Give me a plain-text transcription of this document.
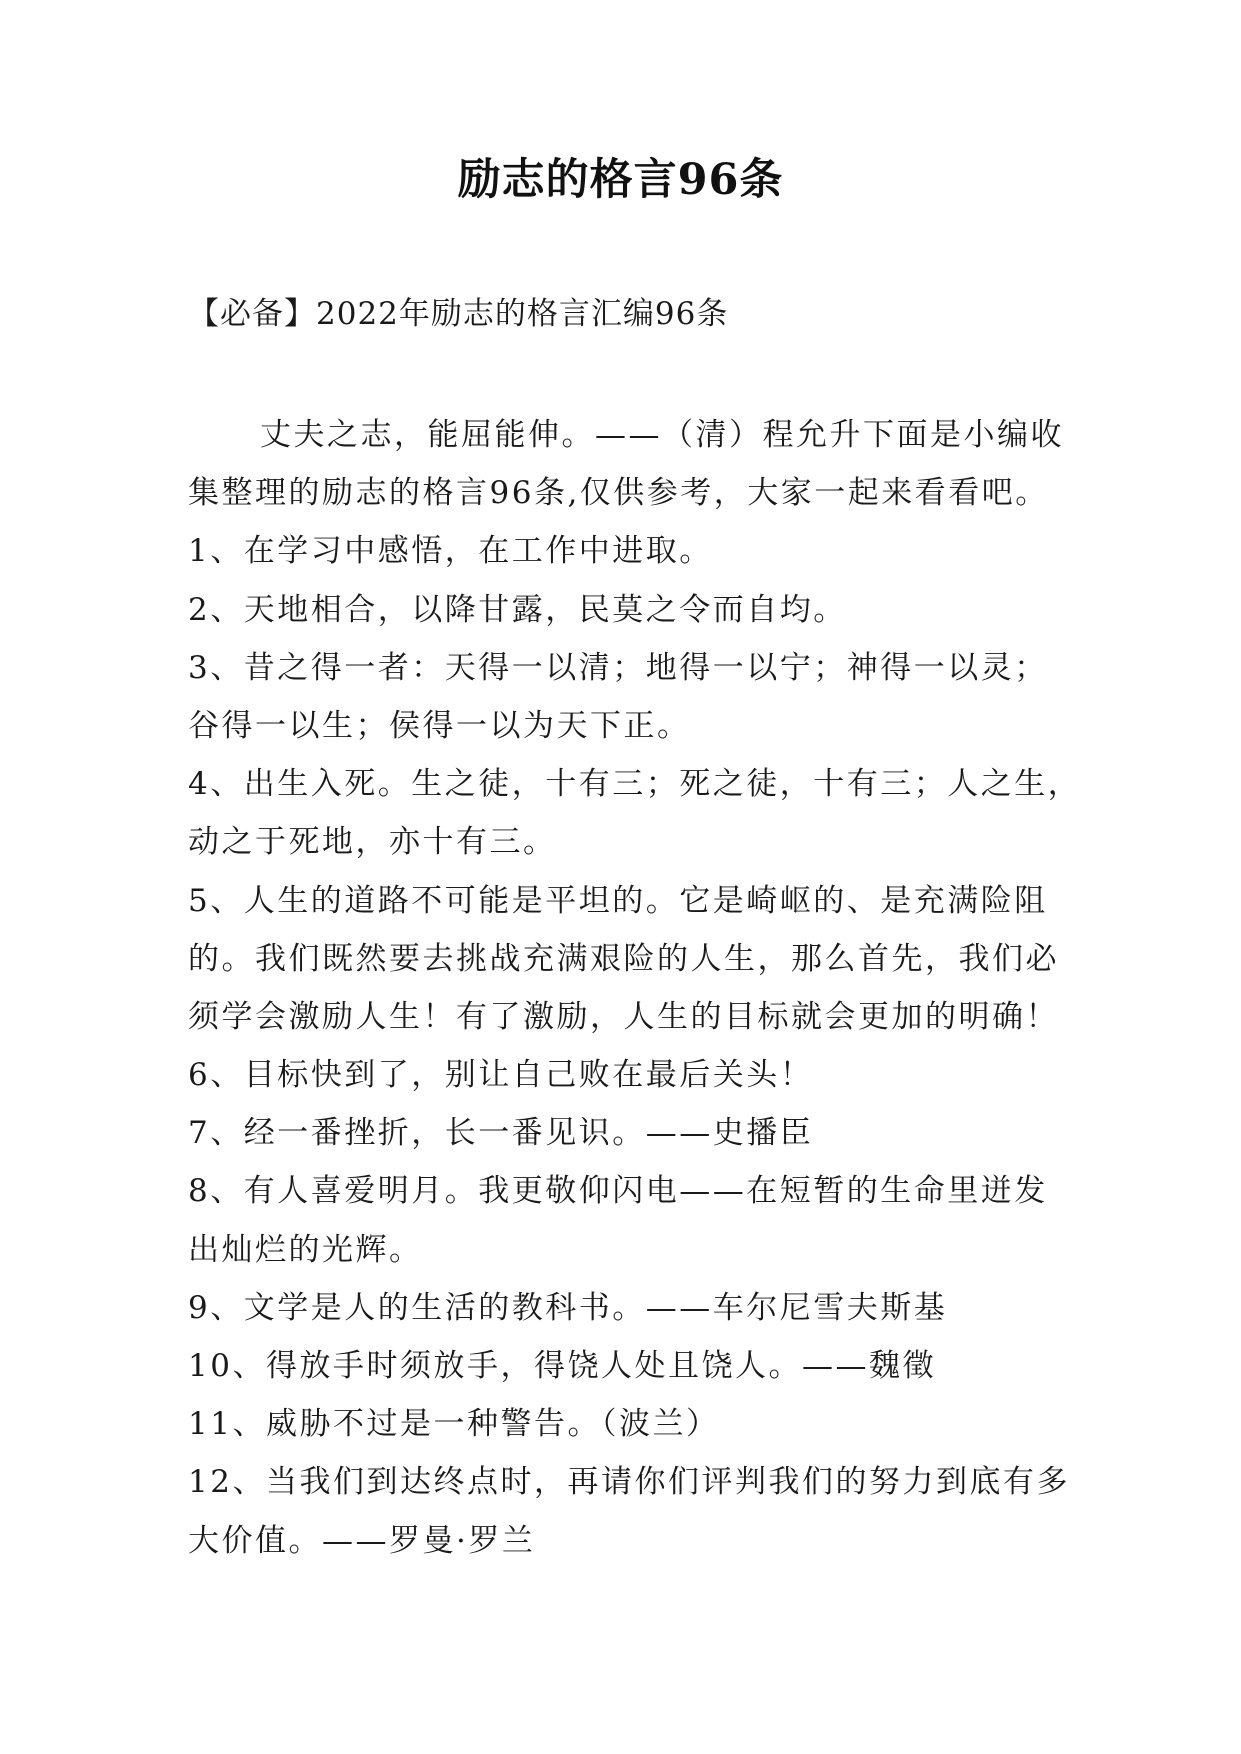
励志的格言96条
【必备】2022年励志的格言汇编96条
丈夫之志，能屈能伸。——（清）程允升下面是小编收
集整理的励志的格言96条,仅供参考，大家一起来看看吧。
1、在学习中感悟，在工作中进取。
2、天地相合，以降甘露，民莫之令而自均。
3、昔之得一者：天得一以清；地得一以宁；神得一以灵；
谷得一以生；侯得一以为天下正。
4、出生入死。生之徒，十有三；死之徒，十有三；人之生，
动之于死地，亦十有三。
5、人生的道路不可能是平坦的。它是崎岖的、是充满险阻
的。我们既然要去挑战充满艰险的人生，那么首先，我们必
须学会激励人生！有了激励，人生的目标就会更加的明确！
6、目标快到了，别让自己败在最后关头！
7、经一番挫折，长一番见识。——史播臣
8、有人喜爱明月。我更敬仰闪电——在短暂的生命里迸发
出灿烂的光辉。
9、文学是人的生活的教科书。——车尔尼雪夫斯基
10、得放手时须放手，得饶人处且饶人。——魏徵
11、威胁不过是一种警告。（波兰）
12、当我们到达终点时，再请你们评判我们的努力到底有多
大价值。——罗曼·罗兰
